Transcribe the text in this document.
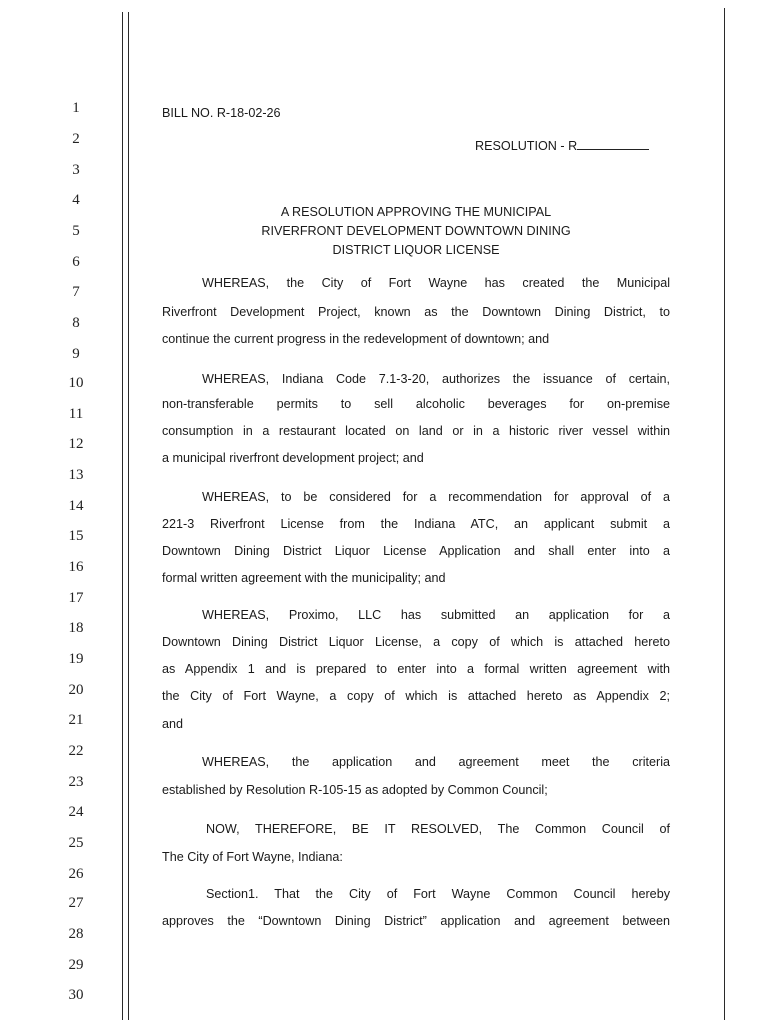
1
2
3
4
5
6
7
8
9
10
11
12
13
14
15
16
17
18
19
20
21
22
23
24
25
26
27
28
29
30
BILL NO. R-18-02-26
RESOLUTION - R
A RESOLUTION APPROVING THE MUNICIPAL
RIVERFRONT DEVELOPMENT DOWNTOWN DINING
DISTRICT LIQUOR LICENSE
WHEREAS, the City of Fort Wayne has created the Municipal
Riverfront Development Project, known as the Downtown Dining District, to
continue the current progress in the redevelopment of downtown; and
WHEREAS, Indiana Code 7.1-3-20, authorizes the issuance of certain,
non-transferable permits to sell alcoholic beverages for on-premise
consumption in a restaurant located on land or in a historic river vessel within
a municipal riverfront development project; and
WHEREAS, to be considered for a recommendation for approval of a
221-3 Riverfront License from the Indiana ATC, an applicant submit a
Downtown Dining District Liquor License Application and shall enter into a
formal written agreement with the municipality; and
WHEREAS, Proximo, LLC has submitted an application for a
Downtown Dining District Liquor License, a copy of which is attached hereto
as Appendix 1 and is prepared to enter into a formal written agreement with
the City of Fort Wayne, a copy of which is attached hereto as Appendix 2;
and
WHEREAS, the application and agreement meet the criteria
established by Resolution R-105-15 as adopted by Common Council;
NOW, THEREFORE, BE IT RESOLVED, The Common Council of
The City of Fort Wayne, Indiana:
Section1. That the City of Fort Wayne Common Council hereby
approves the “Downtown Dining District” application and agreement between
